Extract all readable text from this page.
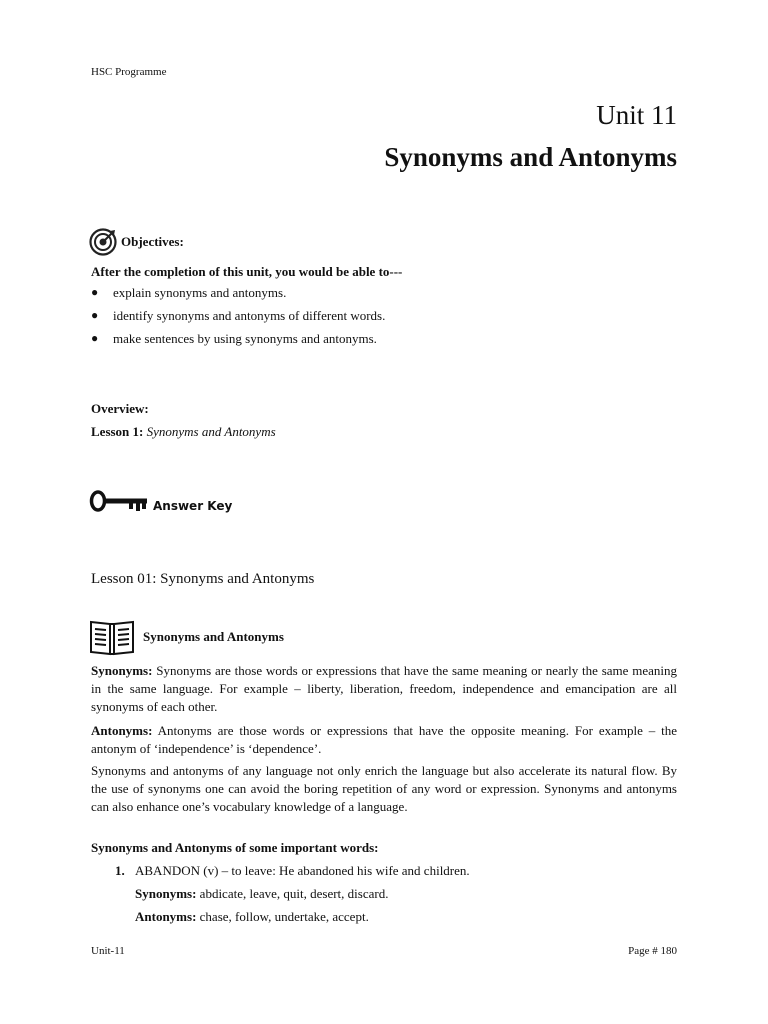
HSC Programme
Unit 11
Synonyms and Antonyms
Objectives:
After the completion of this unit, you would be able to---
●	explain synonyms and antonyms.
●	identify synonyms and antonyms of different words.
●	make sentences by using synonyms and antonyms.
Overview:
Lesson 1: Synonyms and Antonyms
Answer Key
Lesson 01: Synonyms and Antonyms
Synonyms and Antonyms
Synonyms: Synonyms are those words or expressions that have the same meaning or nearly the same meaning in the same language. For example – liberty, liberation, freedom, independence and emancipation are all synonyms of each other.
Antonyms: Antonyms are those words or expressions that have the opposite meaning. For example – the antonym of ‘independence’ is ‘dependence’.
Synonyms and antonyms of any language not only enrich the language but also accelerate its natural flow. By the use of synonyms one can avoid the boring repetition of any word or expression. Synonyms and antonyms can also enhance one’s vocabulary knowledge of a language.
Synonyms and Antonyms of some important words:
1. ABANDON (v) – to leave: He abandoned his wife and children.
Synonyms: abdicate, leave, quit, desert, discard.
Antonyms: chase, follow, undertake, accept.
Unit-11	Page # 180
